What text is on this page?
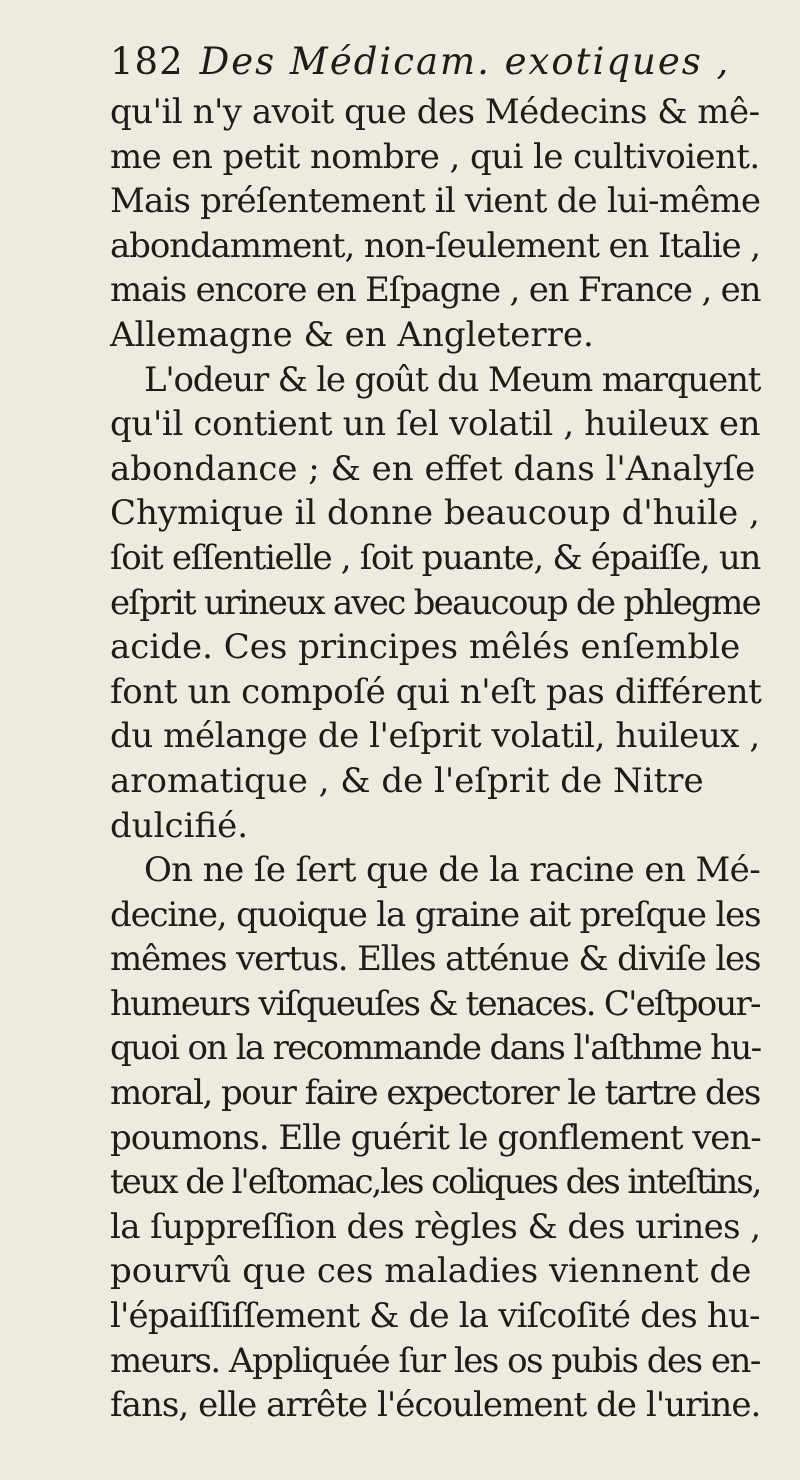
182 Des Médicam. exotiques ,
qu'il n'y avoit que des Médecins & mê-
me en petit nombre , qui le cultivoient.
Mais préſentement il vient de lui-même
abondamment, non-ſeulement en Italie ,
mais encore en Eſpagne , en France , en
Allemagne & en Angleterre.
L'odeur & le goût du Meum marquent
qu'il contient un ſel volatil , huileux en
abondance ; & en effet dans l'Analyſe
Chymique il donne beaucoup d'huile ,
ſoit eſſentielle , ſoit puante, & épaiſſe, un
eſprit urineux avec beaucoup de phlegme
acide. Ces principes mêlés enſemble
font un compoſé qui n'eſt pas différent
du mélange de l'eſprit volatil, huileux ,
aromatique , & de l'eſprit de Nitre
dulcifié.
On ne ſe ſert que de la racine en Mé-
decine, quoique la graine ait preſque les
mêmes vertus. Elles atténue & diviſe les
humeurs viſqueuſes & tenaces. C'eſtpour-
quoi on la recommande dans l'aſthme hu-
moral, pour faire expectorer le tartre des
poumons. Elle guérit le gonflement ven-
teux de l'eſtomac,les coliques des inteſtins,
la ſuppreſſion des règles & des urines ,
pourvû que ces maladies viennent de
l'épaiſſiſſement & de la viſcoſité des hu-
meurs. Appliquée ſur les os pubis des en-
fans, elle arrête l'écoulement de l'urine.
